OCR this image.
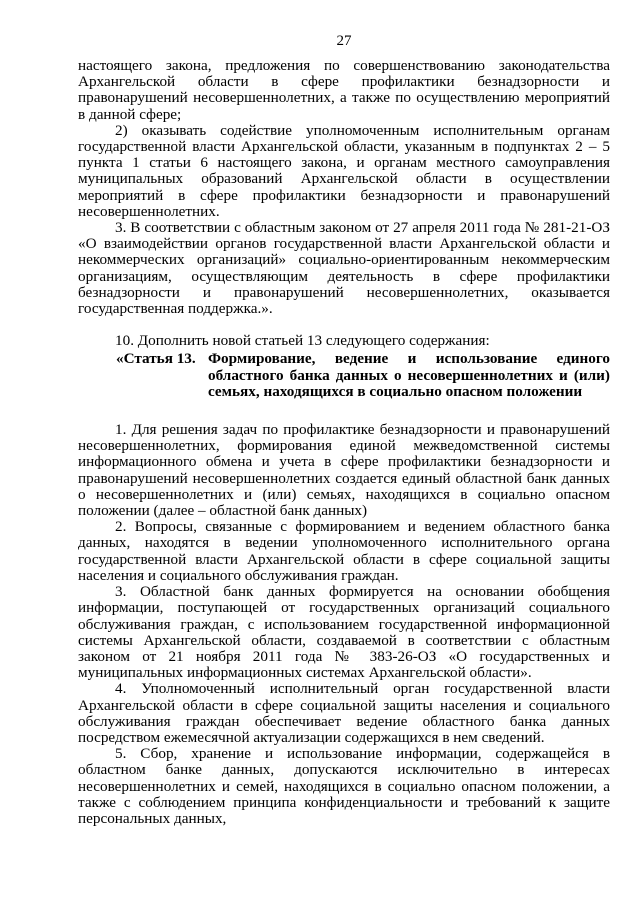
27

настоящего закона, предложения по совершенствованию законодательства Архангельской области в сфере профилактики безнадзорности и правонарушений несовершеннолетних, а также по осуществлению мероприятий в данной сфере;

2) оказывать содействие уполномоченным исполнительным органам государственной власти Архангельской области, указанным в подпунктах 2 – 5 пункта 1 статьи 6 настоящего закона, и органам местного самоуправления муниципальных образований Архангельской области в осуществлении мероприятий в сфере профилактики безнадзорности и правонарушений несовершеннолетних.

3. В соответствии с областным законом от 27 апреля 2011 года № 281-21-ОЗ «О взаимодействии органов государственной власти Архангельской области и некоммерческих организаций» социально-ориентированным некоммерческим организациям, осуществляющим деятельность в сфере профилактики безнадзорности и правонарушений несовершеннолетних, оказывается государственная поддержка.».

10. Дополнить новой статьей 13 следующего содержания:

«Статья 13. Формирование, ведение и использование единого областного банка данных о несовершеннолетних и (или) семьях, находящихся в социально опасном положении

1. Для решения задач по профилактике безнадзорности и правонарушений несовершеннолетних, формирования единой межведомственной системы информационного обмена и учета в сфере профилактики безнадзорности и правонарушений несовершеннолетних создается единый областной банк данных о несовершеннолетних и (или) семьях, находящихся в социально опасном положении (далее – областной банк данных)

2. Вопросы, связанные с формированием и ведением областного банка данных, находятся в ведении уполномоченного исполнительного органа государственной власти Архангельской области в сфере социальной защиты населения и социального обслуживания граждан.

3. Областной банк данных формируется на основании обобщения информации, поступающей от государственных организаций социального обслуживания граждан, с использованием государственной информационной системы Архангельской области, создаваемой в соответствии с областным законом от 21 ноября 2011 года № 383-26-ОЗ «О государственных и муниципальных информационных системах Архангельской области».

4. Уполномоченный исполнительный орган государственной власти Архангельской области в сфере социальной защиты населения и социального обслуживания граждан обеспечивает ведение областного банка данных посредством ежемесячной актуализации содержащихся в нем сведений.

5. Сбор, хранение и использование информации, содержащейся в областном банке данных, допускаются исключительно в интересах несовершеннолетних и семей, находящихся в социально опасном положении, а также с соблюдением принципа конфиденциальности и требований к защите персональных данных,
